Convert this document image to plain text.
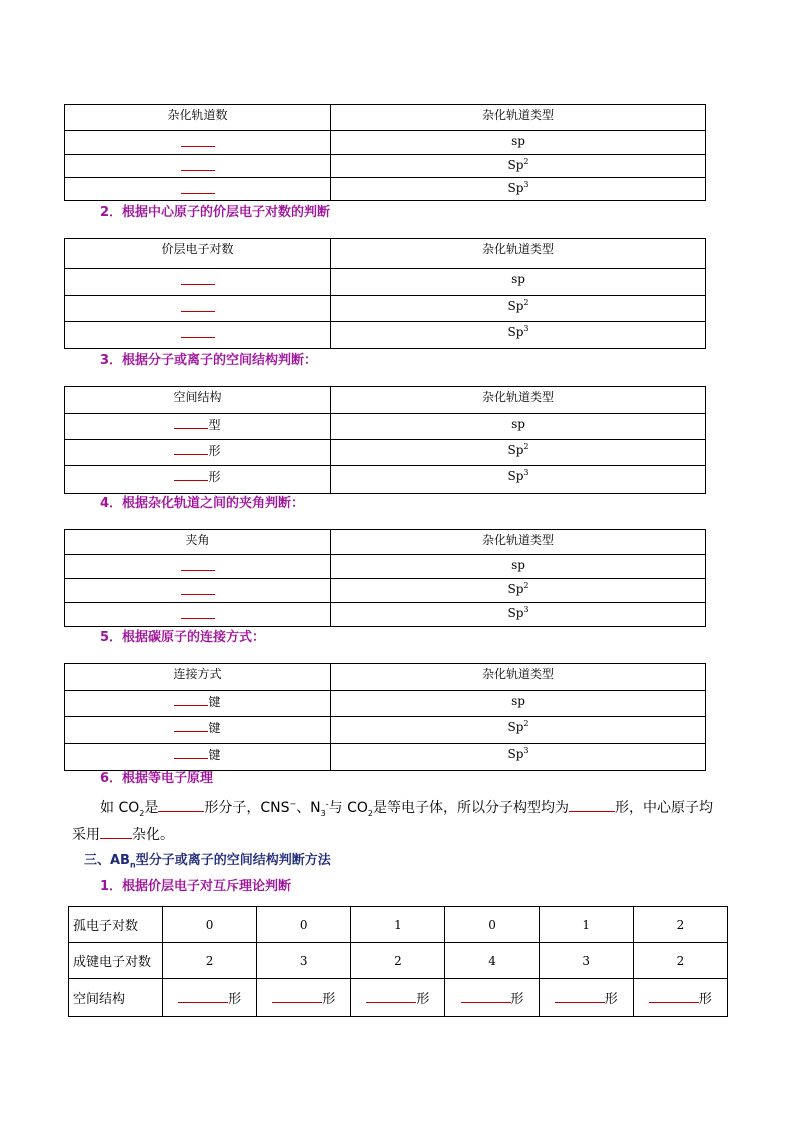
杂化轨道数	杂化轨道类型
	sp
	Sp$^2$
	Sp$^3$
2．根据中心原子的价层电子对数的判断
价层电子对数	杂化轨道类型
	sp
	Sp$^2$
	Sp$^3$
3．根据分子或离子的空间结构判断：
空间结构	杂化轨道类型
型	sp
形	Sp$^2$
形	Sp$^3$
4．根据杂化轨道之间的夹角判断：
夹角	杂化轨道类型
	sp
	Sp$^2$
	Sp$^3$
5．根据碳原子的连接方式：
连接方式	杂化轨道类型
键	sp
键	Sp$^2$
键	Sp$^3$
6．根据等电子原理
如 $CO_2$是	形分子，CNS−、$N_3^-$与 $CO_2$是等电子体，所以分子构型均为	形，中心原子均
采用 杂化。
三、$AB_n$型分子或离子的空间结构判断方法
1．根据价层电子对互斥理论判断
孤电子对数	0	0	1	0	1	2
成键电子对数	2	3	2	4	3	2
空间结构	形	形	形	形	形	形
